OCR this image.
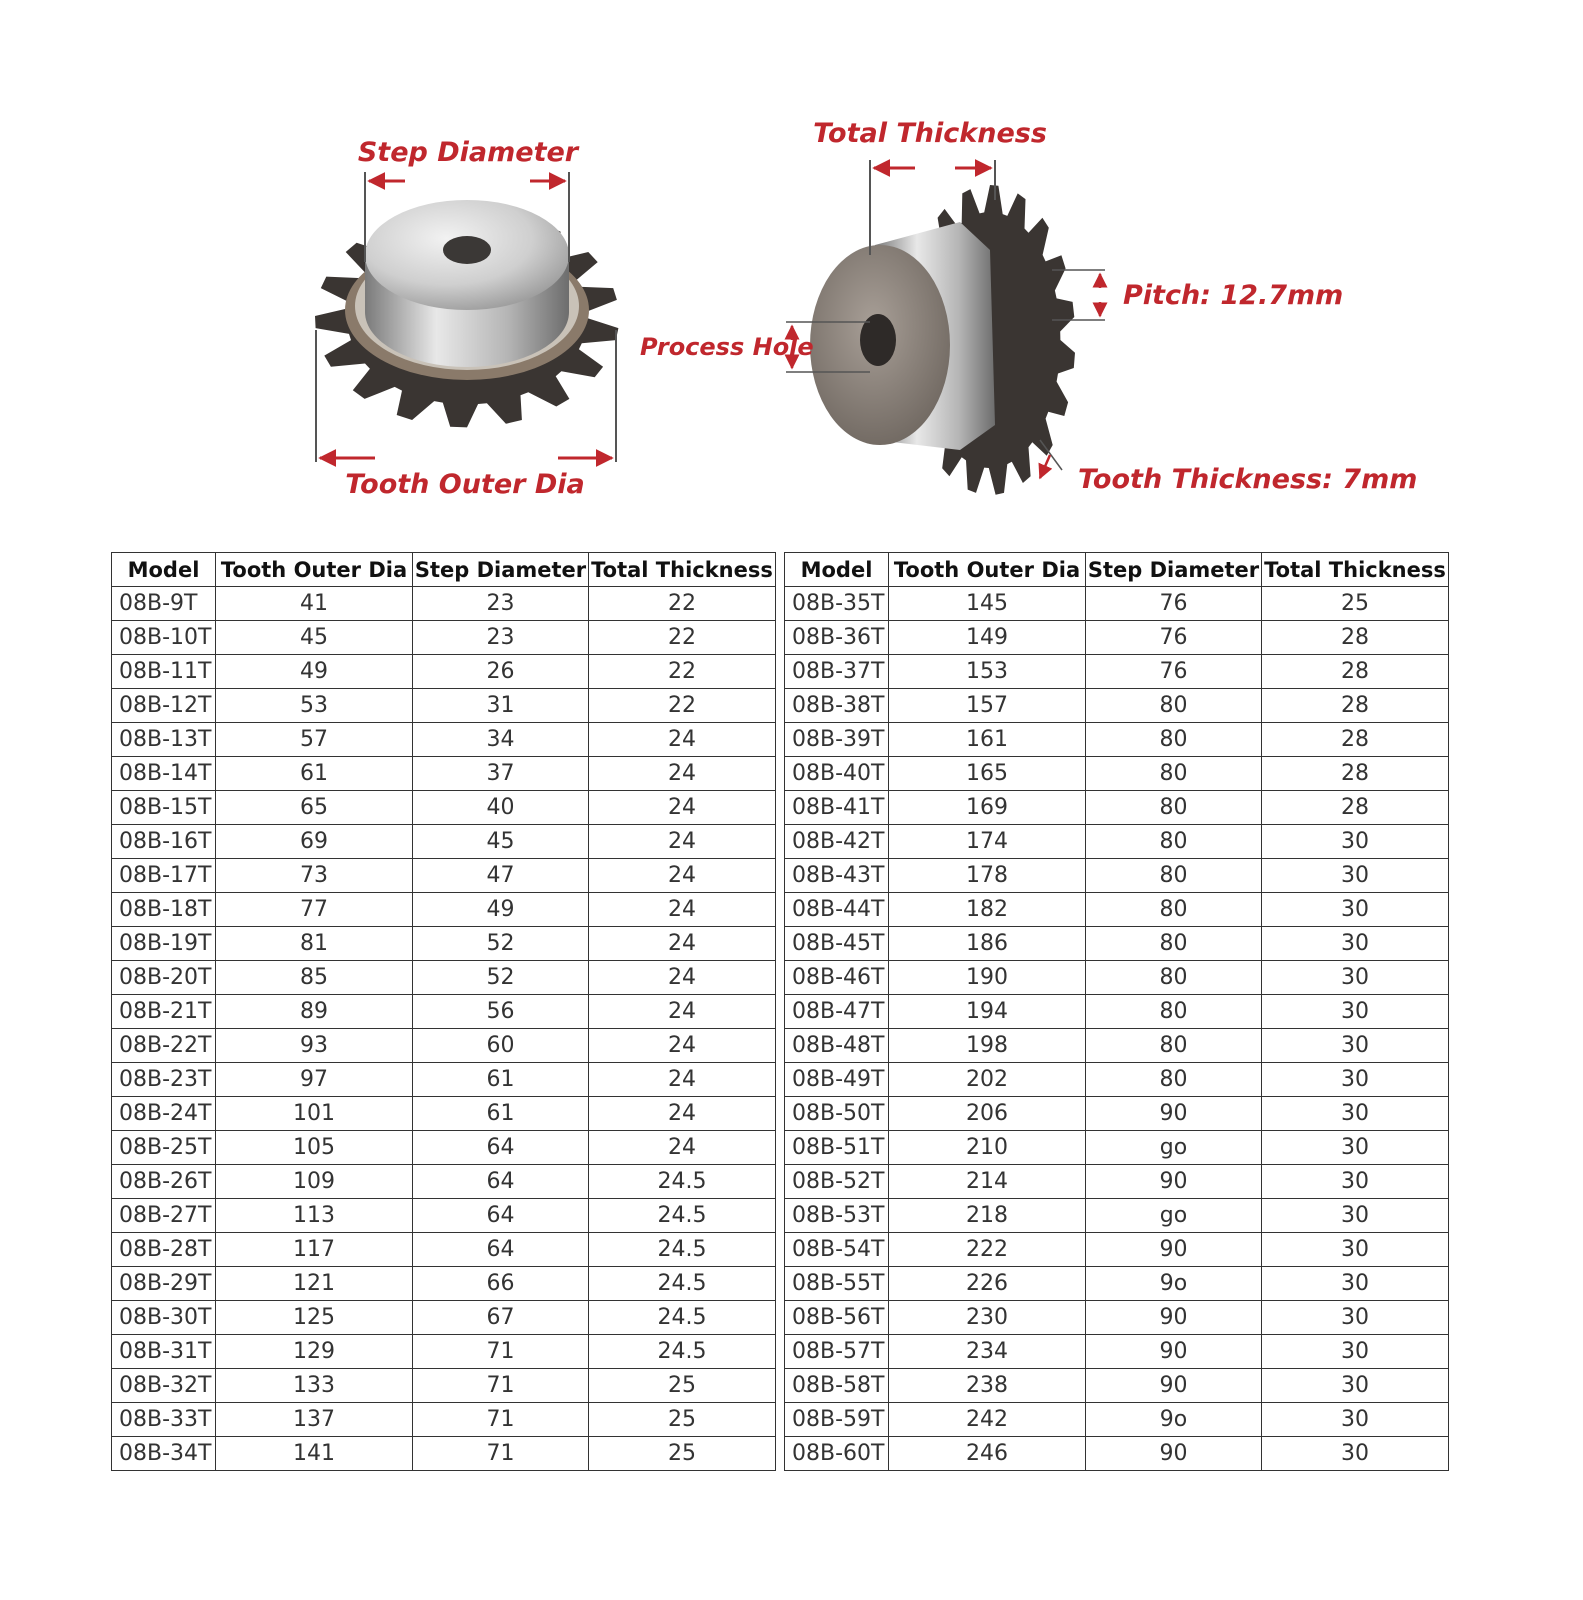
Step Diameter
Tooth Outer Dia
Total Thickness
Process Hole
Pitch: 12.7mm
Tooth Thickness: 7mm
Model	Tooth Outer Dia	Step Diameter	Total Thickness		Model	Tooth Outer Dia	Step Diameter	Total Thickness
08B-9T	41	23	22		08B-35T	145	76	25
08B-10T	45	23	22		08B-36T	149	76	28
08B-11T	49	26	22		08B-37T	153	76	28
08B-12T	53	31	22		08B-38T	157	80	28
08B-13T	57	34	24		08B-39T	161	80	28
08B-14T	61	37	24		08B-40T	165	80	28
08B-15T	65	40	24		08B-41T	169	80	28
08B-16T	69	45	24		08B-42T	174	80	30
08B-17T	73	47	24		08B-43T	178	80	30
08B-18T	77	49	24		08B-44T	182	80	30
08B-19T	81	52	24		08B-45T	186	80	30
08B-20T	85	52	24		08B-46T	190	80	30
08B-21T	89	56	24		08B-47T	194	80	30
08B-22T	93	60	24		08B-48T	198	80	30
08B-23T	97	61	24		08B-49T	202	80	30
08B-24T	101	61	24		08B-50T	206	90	30
08B-25T	105	64	24		08B-51T	210	go	30
08B-26T	109	64	24.5		08B-52T	214	90	30
08B-27T	113	64	24.5		08B-53T	218	go	30
08B-28T	117	64	24.5		08B-54T	222	90	30
08B-29T	121	66	24.5		08B-55T	226	9o	30
08B-30T	125	67	24.5		08B-56T	230	90	30
08B-31T	129	71	24.5		08B-57T	234	90	30
08B-32T	133	71	25		08B-58T	238	90	30
08B-33T	137	71	25		08B-59T	242	9o	30
08B-34T	141	71	25		08B-60T	246	90	30
